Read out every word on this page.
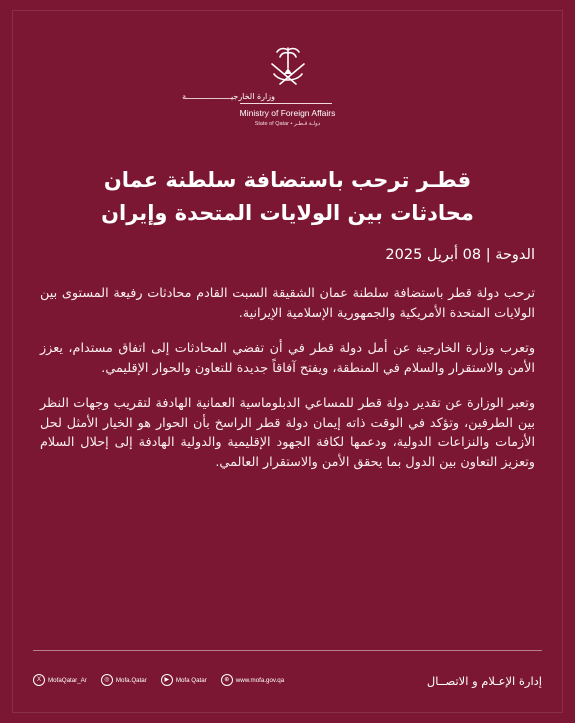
وزارة الخارجيـــــــــــــــــــة
Ministry of Foreign Affairs
State of Qatar • دولـة قـطـر
قطـر ترحب باستضافة سلطنة عمان
محادثات بين الولايات المتحدة وإيران
الدوحة | 08 أبريل 2025

ترحب دولة قطر باستضافة سلطنة عمان الشقيقة السبت القادم محادثات رفيعة المستوى بين الولايات المتحدة الأمريكية والجمهورية الإسلامية الإيرانية.

وتعرب وزارة الخارجية عن أمل دولة قطر في أن تفضي المحادثات إلى اتفاق مستدام، يعزز الأمن والاستقرار والسلام في المنطقة، ويفتح آفاقاً جديدة للتعاون والحوار الإقليمي.

وتعبر الوزارة عن تقدير دولة قطر للمساعي الدبلوماسية العمانية الهادفة لتقريب وجهات النظر بين الطرفين، وتؤكد في الوقت ذاته إيمان دولة قطر الراسخ بأن الحوار هو الخيار الأمثل لحل الأزمات والنزاعات الدولية، ودعمها لكافة الجهود الإقليمية والدولية الهادفة إلى إحلال السلام وتعزيز التعاون بين الدول بما يحقق الأمن والاستقرار العالمي.

X	MofaQatar_Ar	◎	Mofa.Qatar	▶	Mofa Qatar	⊕	www.mofa.gov.qa	إدارة الإعـلام و الاتصــال
